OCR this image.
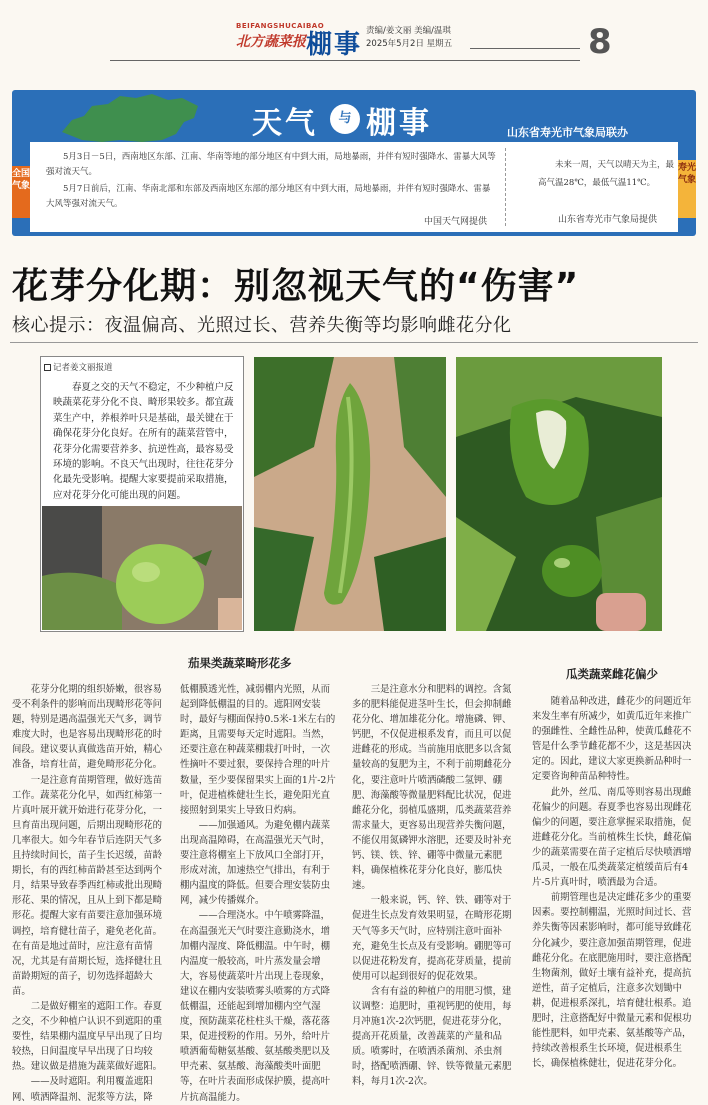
BEIFANGSHUCAIBAO
北方蔬菜报 棚事 责编/姜文丽 美编/温琪
2025年5月2日 星期五	8
天气	与 棚事	山东省寿光市气象局联办
全国气象
寿光气象
5月3日－5日，西南地区东部、江南、华南等地的部分地区有中到大雨，局地暴雨，并伴有短时强降水、雷暴大风等强对流天气。
5月7日前后，江南、华南北部和东部及西南地区东部的部分地区有中到大雨，局地暴雨，并伴有短时强降水、雷暴大风等强对流天气。
中国天气网提供
未来一周，天气以晴天为主，最高气温28℃，最低气温11℃。
山东省寿光市气象局提供
花芽分化期：别忽视天气的“伤害”
核心提示：夜温偏高、光照过长、营养失衡等均影响雌花分化
记者姜文丽报道
春夏之交的天气不稳定，不少种植户反映蔬菜花芽分化不良、畸形果较多。都宜蔬菜生产中，养根养叶只是基础，最关键在于确保花芽分化良好。在所有的蔬菜营管中，花芽分化需要营养多、抗逆性高，最容易受环境的影响。不良天气出现时，往往花芽分化最先受影响。提醒大家要提前采取措施，应对花芽分化可能出现的问题。
茄果类蔬菜畸形花多
瓜类蔬菜雌花偏少

花芽分化期的组织娇嫩，很容易受不利条件的影响而出现畸形花等问题，特别是遇高温强光天气多，调节难度大时，也是容易出现畸形花的时间段。建议要认真做选苗开始，精心准备，培育壮苗，避免畸形花分化。

一是注意育苗期管理，做好选苗工作。蔬菜花分化早，如西红柿第一片真叶展开就开始进行花芽分化，一旦育苗出现问题，后期出现畸形花的几率很大。如今年春节后连阴天气多且持续时间长，苗子生长迟缓，苗龄期长，有的西红柿苗龄甚至达到两个月，结果导致春季西红柿或批出现畸形花、果的情况，且从上到下都是畸形花。提醒大家有苗要注意加强环境调控，培育健壮苗子，避免老化苗。在有苗是地过苗时，应注意有苗情况，尤其是有苗期长短，选择健壮且苗龄期短的苗子，切勿选择超龄大苗。

二是做好棚室的遮阳工作。春夏之交，不少种植户认识不到遮阳的重要性，结果棚内温度早早出现了日均较热，日间温度早早出现了日均较热。建议做是措施为蔬菜做好遮阳。

——及时遮阳。利用覆盖遮阳网、喷洒降温剂、泥浆等方法，降

低棚膜透光性，减弱棚内光照，从而起到降低棚温的目的。遮阳网安装时，最好与棚面保持0.5米-1米左右的距离，且需要每天定时遮阳。当然，还要注意在种蔬菜棚栽打叶时，一次性摘叶不要过狠，要保持合理的叶片数量，至少要保留果实上面的1片-2片叶，促进植株健壮生长，避免阳光直接照射到果实上导致日灼病。

——加强通风。为避免棚内蔬菜出现高温障碍，在高温强光天气时，要注意将棚室上下放风口全部打开，形成对流，加速热空气排出，有利于棚内温度的降低。但要合理安装防虫网，减少传播媒介。

——合理浇水。中午喷雾降温，在高温强光天气时要注意勤浇水，增加棚内湿度、降低棚温。中午时，棚内温度一般较高，叶片蒸发量会增大，容易使蔬菜叶片出现上卷现象，建议在棚内安装喷雾头喷雾的方式降低棚温，还能起到增加棚内空气湿度，预防蔬菜花柱柱头干燥，落花落果，促进授粉的作用。另外，给叶片喷洒葡萄糖氨基酸、氨基酸类肥以及甲壳素、氨基酸、海藻酸类叶面肥等，在叶片表面形成保护膜，提高叶片抗高温能力。

三是注意水分和肥料的调控。含氮多的肥料能促进茎叶生长，但会抑制雌花分化、增加雄花分化。增施磷、钾、钙肥，不仅促进根系发育，而且可以促进雌花的形成。当前施用底肥多以含氮量较高的复肥为主，不利于前期雌花分化，要注意叶片喷洒磷酸二氢钾、硼肥、海藻酸等微量肥料配比状况，促进雌花分化，弱植瓜盛期，瓜类蔬菜营养需求量大，更容易出现营养失衡问题，不能仅用氮磷钾水溶肥，还要及时补充钙、镁、铁、锌、硼等中微量元素肥料，确保植株花芽分化良好，膨瓜快速。

一般来说，钙、锌、铁、硼等对于促进生长点发育效果明显，在畸形花期天气等多天气时，应特别注意叶面补充，避免生长点及有受影响。硼肥等可以促进花粉发育，提高花芽质量，提前使用可以起到很好的促花效果。

含有有益的种植户的用肥习惯，建议调整：追肥时，重视钙肥的使用，每月冲施1次-2次钙肥，促进花芽分化，提高开花质量，改善蔬菜的产量和品质。喷雾时，在喷洒杀菌剂、杀虫剂时，搭配喷洒硼、锌、铁等微量元素肥料，每月1次-2次。

随着品种改进，雌花少的问题近年来发生率有所减少，如黄瓜近年来推广的强雌性、全雌性品种，使黄瓜雌花不管是什么季节雌花都不少，这是基因决定的。因此，建议大家更换新品种时一定要咨询种苗品种特性。

此外，丝瓜、南瓜等则容易出现雌花偏少的问题。春夏季也容易出现雌花偏少的问题，要注意掌握采取措施，促进雌花分化。当前植株生长快，雌花偏少的蔬菜需要在苗子定植后尽快喷洒增瓜灵，一般在瓜类蔬菜定植缓苗后有4片-5片真叶时，喷洒最为合适。

前期管理也是决定雌花多少的重要因素。要控制棚温，光照时间过长、营养失衡等因素影响时，都可能导致雌花分化减少，要注意加强苗期管理，促进雌花分化。在底肥施用时，要注意搭配生物菌剂，做好土壤有益补充，提高抗逆性，苗子定植后，注意多次划锄中耕，促进根系深扎，培育健壮根系。追肥时，注意搭配好中微量元素和促根功能性肥料，如甲壳素、氨基酸等产品，持续改善根系生长环境，促进根系生长，确保植株健壮，促进花芽分化。
